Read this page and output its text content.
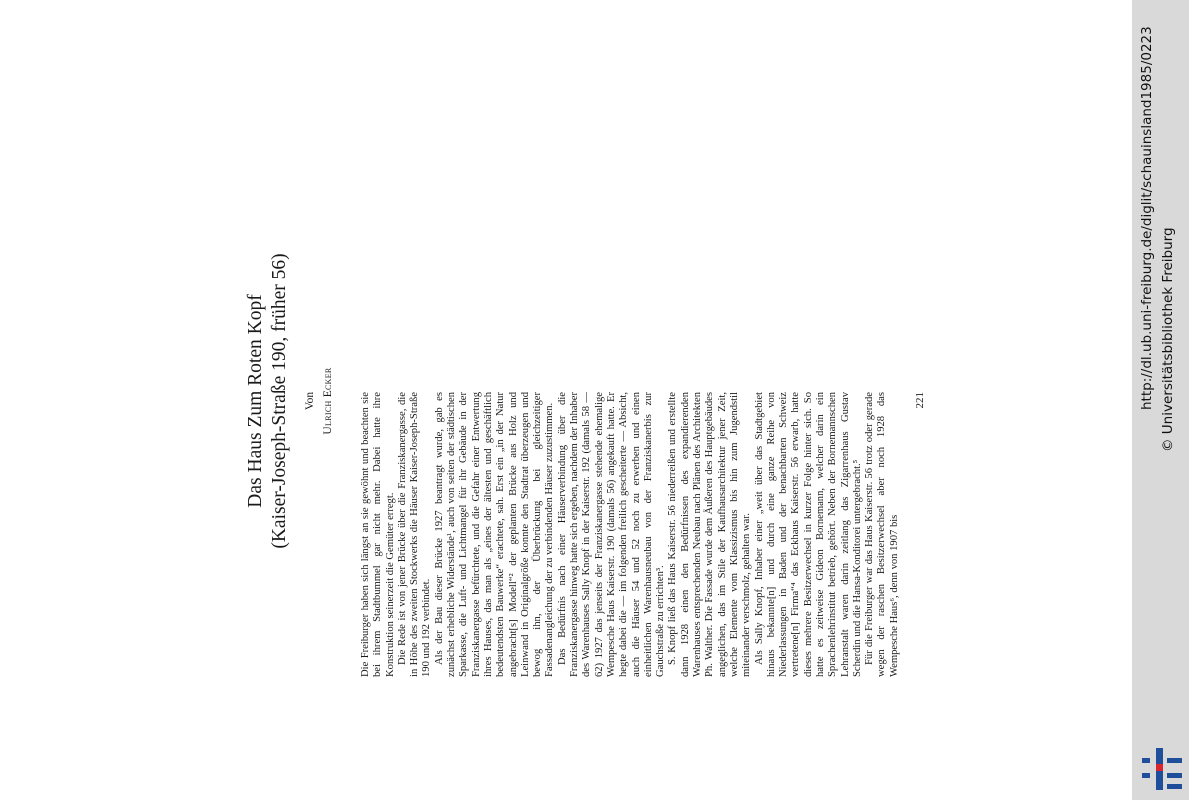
Das Haus Zum Roten Kopf (Kaiser-Joseph-Straße 190, früher 56) Von Ulrich Ecker Die Freiburger haben sich längst an sie gewöhnt und beachten sie bei ihrem Stadtbummel gar nicht mehr. Dabei hatte ihre Konstruktion seinerzeit die Gemüter erregt. Die Rede ist von jener Brücke über die Franziskanergasse, die in Höhe des zweiten Stockwerks die Häuser Kaiser-Joseph-Straße 190 und 192 verbindet. Als der Bau dieser Brücke 1927 beantragt wurde, gab es zunächst erhebliche Widerstände¹, auch von seiten der städtischen Sparkasse, die Luft- und Lichtmangel für ihr Gebäude in der Franziskanergasse befürchtete, und die Gefahr einer Entwertung ihres Hauses, das man als „eines der ältesten und geschäftlich bedeutendsten Bauwerke“ erachtete, sah. Erst ein „in der Natur angebracht[s] Modell“² der geplanten Brücke aus Holz und Leinwand in Originalgröße konnte den Stadtrat überzeugen und bewog ihn, der Überbrückung bei gleichzeitiger Fassadenangleichung der zu verbindenden Häuser zuzustimmen. Das Bedürfnis nach einer Häuserverbindung über die Franziskanergasse hinweg hatte sich ergeben, nachdem der Inhaber des Warenhauses Sally Knopf in der Kaiserstr. 192 (damals 58 — 62) 1927 das jenseits der Franziskanergasse stehende ehemalige Wempesche Haus Kaiserstr. 190 (damals 56) angekauft hatte. Er hegte dabei die — im folgenden freilich gescheiterte — Absicht, auch die Häuser 54 und 52 noch zu erwerben und einen einheitlichen Warenhausneubau von der Franziskanerbis zur Gauchstraße zu errichten³. S. Knopf ließ das Haus Kaiserstr. 56 niederreißen und erstellte dann 1928 einen den Bedürfnissen des expandierenden Warenhauses entsprechenden Neubau nach Plänen des Architekten Ph. Walther. Die Fassade wurde dem Äußeren des Hauptgebäudes angeglichen, das im Stile der Kaufhausarchitektur jener Zeit, welche Elemente vom Klassizismus bis hin zum Jugendstil miteinander verschmolz, gehalten war. Als Sally Knopf, Inhaber einer „weit über das Stadtgebiet hinaus bekannte[n] und durch eine ganze Reihe von Niederlassungen in Baden und der benachbarten Schweiz vertretene[n] Firma“⁴ das Eckhaus Kaiserstr. 56 erwarb, hatte dieses mehrere Besitzerwechsel in kurzer Folge hinter sich. So hatte es zeitweise Gideon Bornemann, welcher darin ein Sprachenlehrinstitut betrieb, gehört. Neben der Bornemannschen Lehranstalt waren darin zeitlang das Zigarrenhaus Gustav Scherdin und die Hansa-Konditorei untergebracht.⁵ Für die Freiburger war das Haus Kaiserstr. 56 trotz oder gerade wegen der raschen Besitzerwechsel aber noch 1928 das Wempesche Haus⁶, denn von 1907 bis

221	http://dl.ub.uni-freiburg.de/diglit/schauinsland1985/0223 © Universitätsbibliothek Freiburg
